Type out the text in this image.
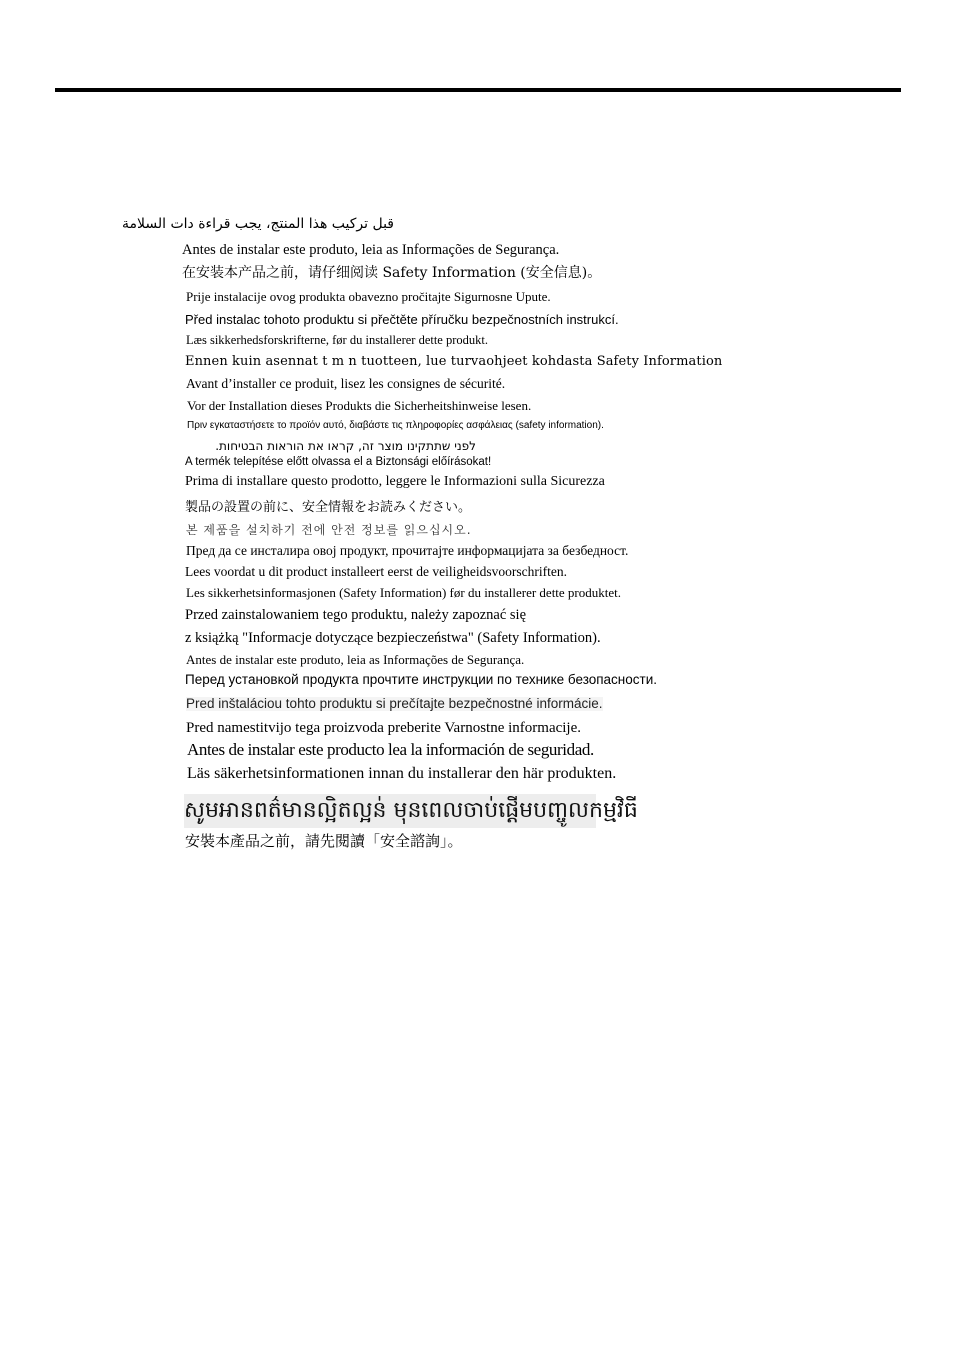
قبل تركيب هذا المنتج، يجب قراءة دات السلامة
Antes de instalar este produto, leia as Informações de Segurança.
在安装本产品之前，请仔细阅读 Safety Information (安全信息)。
Prije instalacije ovog produkta obavezno pročitajte Sigurnosne Upute.
Před instalac tohoto produktu si přečtěte příručku bezpečnostních instrukcí.
Læs sikkerhedsforskrifterne, før du installerer dette produkt.
Ennen kuin asennat t m n tuotteen, lue turvaohjeet kohdasta Safety Information
Avant d’installer ce produit, lisez les consignes de sécurité.
Vor der Installation dieses Produkts die Sicherheitshinweise lesen.
Πριν εγκαταστήσετε το προϊόν αυτό, διαβάστε τις πληροφορίες ασφάλειας (safety information).
לפני שתתקינו מוצר זה, קראו את הוראות הבטיחות.
A termék telepítése előtt olvassa el a Biztonsági előírásokat!
Prima di installare questo prodotto, leggere le Informazioni sulla Sicurezza
製品の設置の前に、安全情報をお読みください。
본 제품을 설치하기 전에 안전 정보를 읽으십시오.
Пред да се инсталира овој продукт, прочитајте информацијата за безбедност.
Lees voordat u dit product installeert eerst de veiligheidsvoorschriften.
Les sikkerhetsinformasjonen (Safety Information) før du installerer dette produktet.
Przed zainstalowaniem tego produktu, należy zapoznać się
z książką "Informacje dotyczące bezpieczeństwa" (Safety Information).
Antes de instalar este produto, leia as Informações de Segurança.
Перед установкой продукта прочтите инструкции по технике безопасности.
Pred inštaláciou tohto produktu si prečítajte bezpečnostné informácie.
Pred namestitvijo tega proizvoda preberite Varnostne informacije.
Antes de instalar este producto lea la información de seguridad.
Läs säkerhetsinformationen innan du installerar den här produkten.
សូមអានពត៌មានល្អិតល្អន់ មុនពេលចាប់ផ្តើមបញ្ចូលកម្មវិធី
安裝本產品之前，請先閱讀「安全諮詢」。
